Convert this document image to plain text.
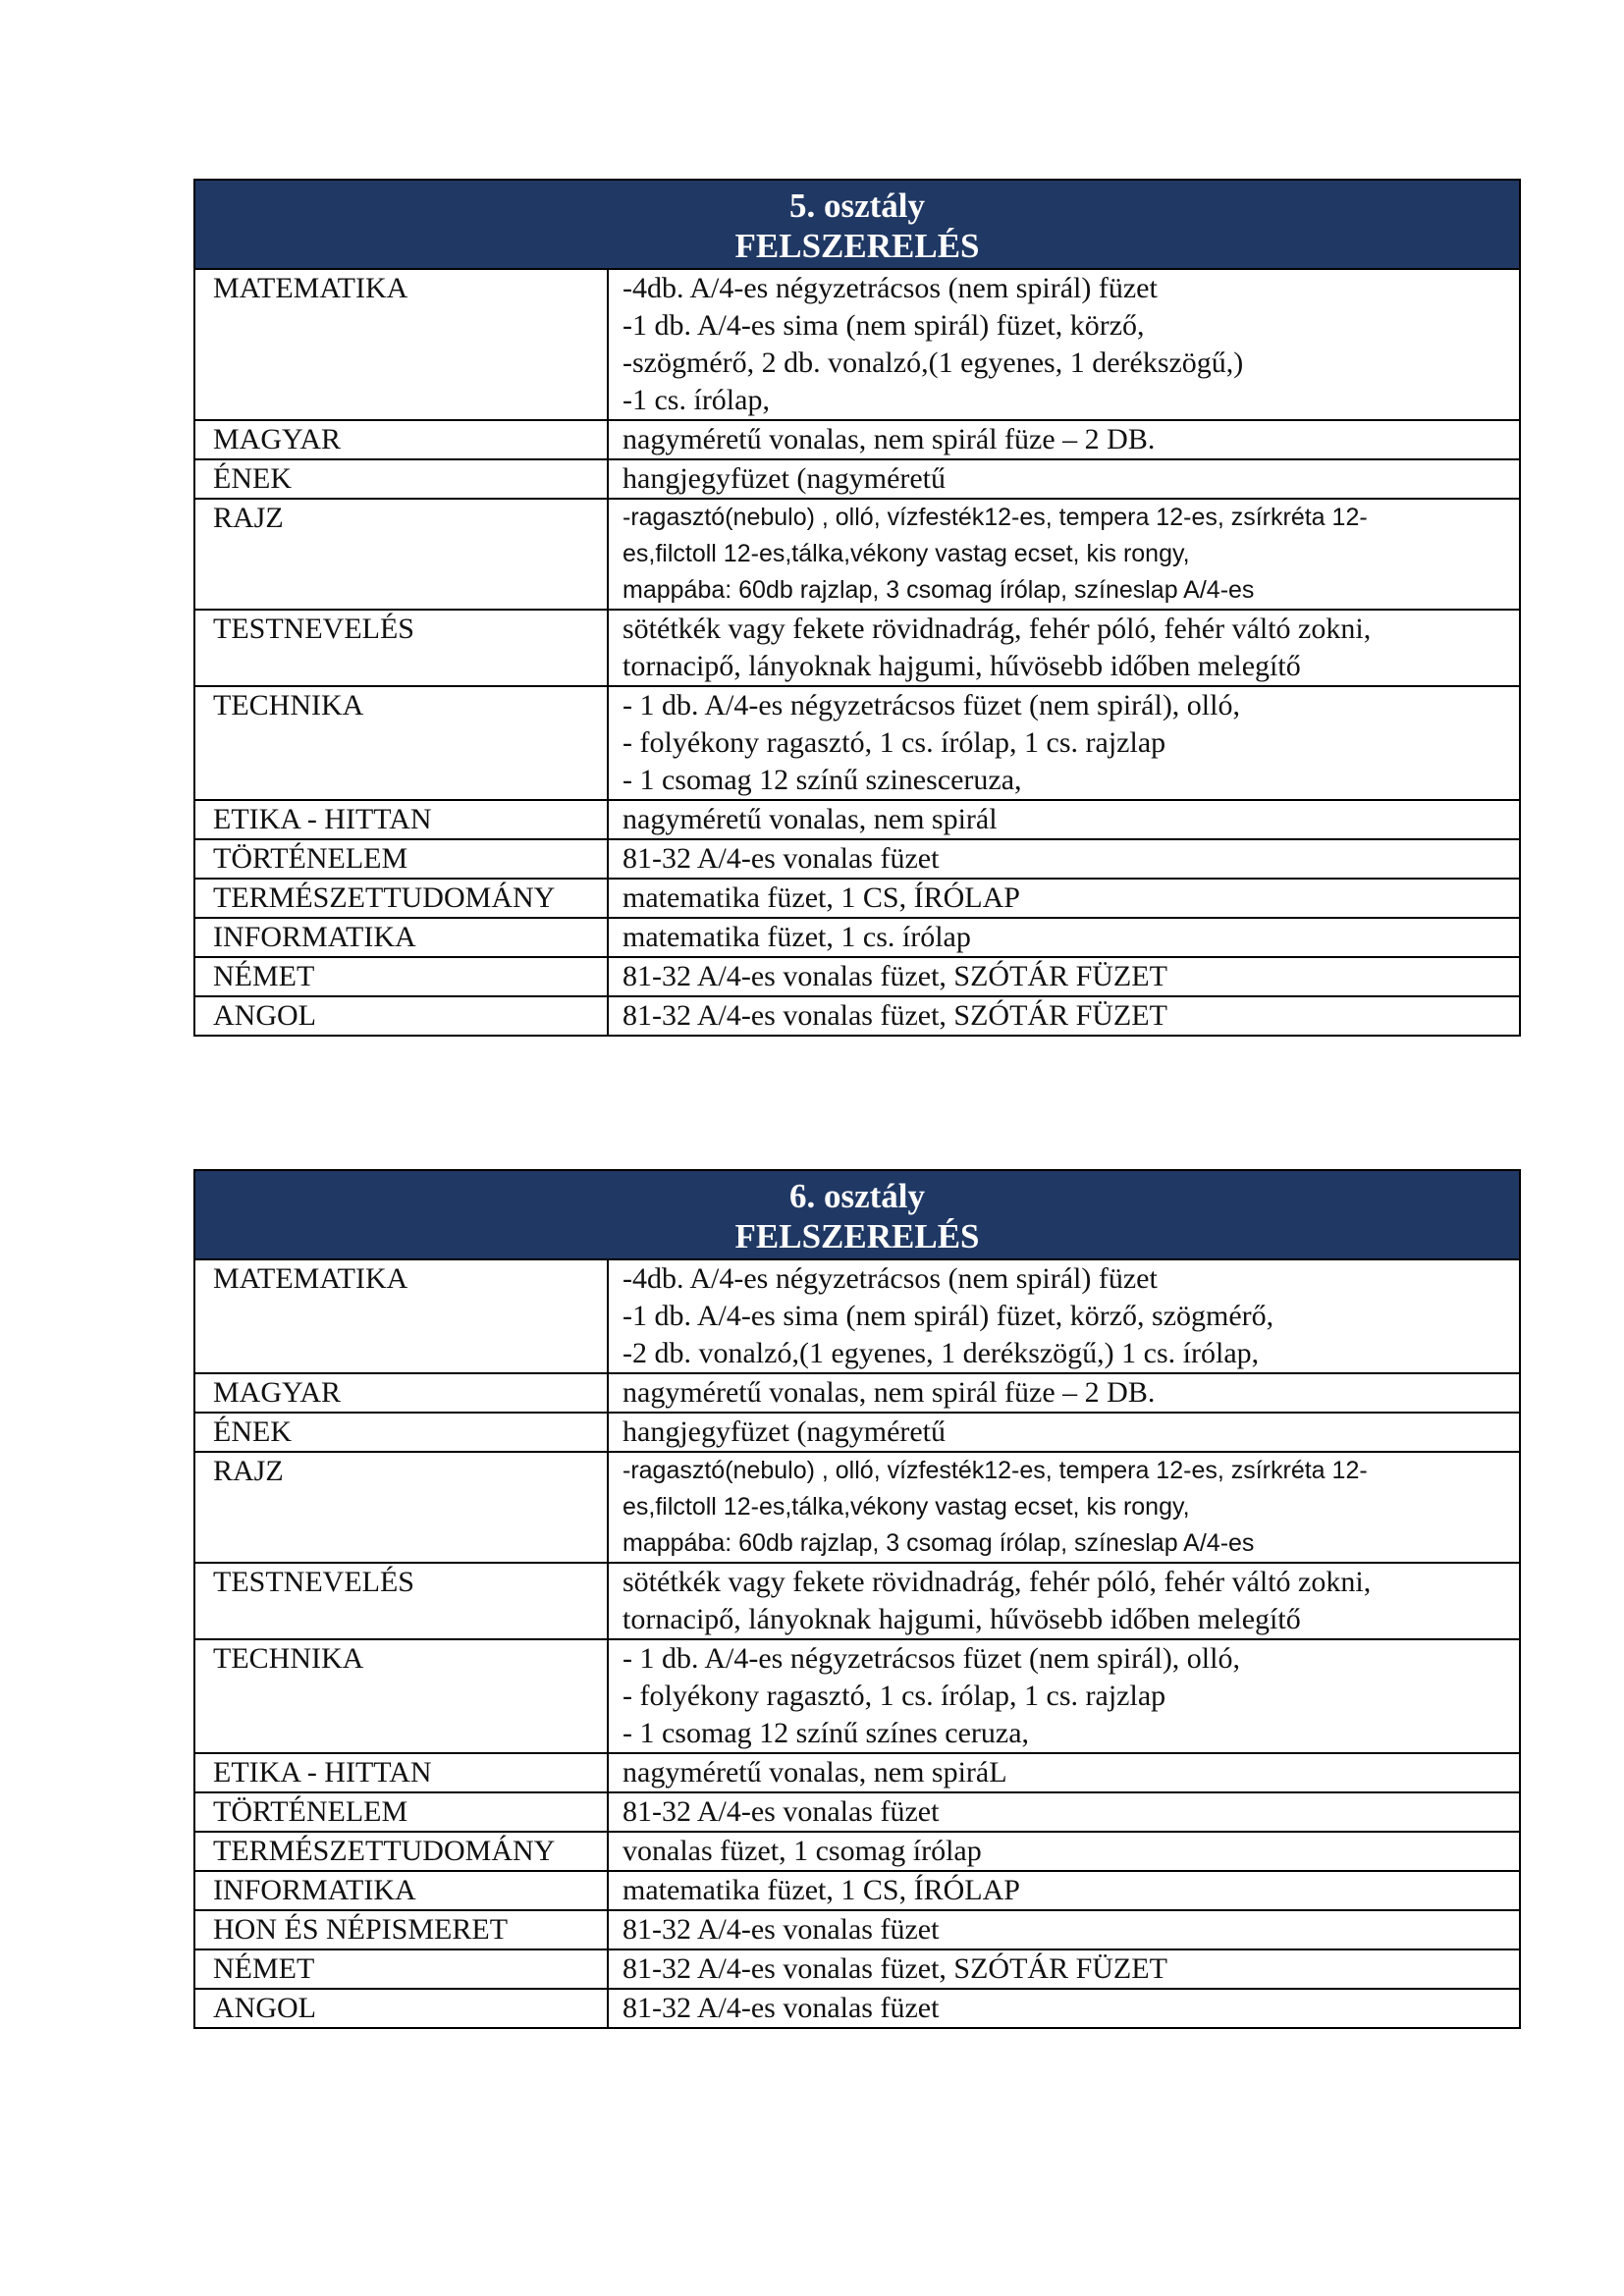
5. osztály
FELSZERELÉS	

MATEMATIKA	-4db. A/4-es négyzetrácsos (nem spirál) füzet
-1 db. A/4-es sima (nem spirál) füzet, körző,
-szögmérő, 2 db. vonalzó,(1 egyenes, 1 derékszögű,)
-1 cs. írólap,

MAGYAR	nagyméretű vonalas, nem spirál füze – 2 DB.

ÉNEK	hangjegyfüzet (nagyméretű

RAJZ	-ragasztó(nebulo) , olló, vízfesték12-es, tempera 12-es, zsírkréta 12-
es,filctoll 12-es,tálka,vékony vastag ecset, kis rongy,
mappába: 60db rajzlap, 3 csomag írólap, színeslap A/4-es

TESTNEVELÉS	sötétkék vagy fekete rövidnadrág, fehér póló, fehér váltó zokni,
tornacipő, lányoknak hajgumi, hűvösebb időben melegítő

TECHNIKA	- 1 db. A/4-es négyzetrácsos füzet (nem spirál), olló,
- folyékony ragasztó, 1 cs. írólap, 1 cs. rajzlap
- 1 csomag 12 színű szinesceruza,

ETIKA - HITTAN	nagyméretű vonalas, nem spirál

TÖRTÉNELEM	81-32 A/4-es vonalas füzet

TERMÉSZETTUDOMÁNY	matematika füzet, 1 CS, ÍRÓLAP

INFORMATIKA	matematika füzet, 1 cs. írólap

NÉMET	81-32 A/4-es vonalas füzet, SZÓTÁR FÜZET

ANGOL	81-32 A/4-es vonalas füzet, SZÓTÁR FÜZET
6. osztály
FELSZERELÉS	

MATEMATIKA	-4db. A/4-es négyzetrácsos (nem spirál) füzet
-1 db. A/4-es sima (nem spirál) füzet, körző, szögmérő,
-2 db. vonalzó,(1 egyenes, 1 derékszögű,) 1 cs. írólap,

MAGYAR	nagyméretű vonalas, nem spirál füze – 2 DB.

ÉNEK	hangjegyfüzet (nagyméretű

RAJZ	-ragasztó(nebulo) , olló, vízfesték12-es, tempera 12-es, zsírkréta 12-
es,filctoll 12-es,tálka,vékony vastag ecset, kis rongy,
mappába: 60db rajzlap, 3 csomag írólap, színeslap A/4-es

TESTNEVELÉS	sötétkék vagy fekete rövidnadrág, fehér póló, fehér váltó zokni,
tornacipő, lányoknak hajgumi, hűvösebb időben melegítő

TECHNIKA	- 1 db. A/4-es négyzetrácsos füzet (nem spirál), olló,
- folyékony ragasztó, 1 cs. írólap, 1 cs. rajzlap
- 1 csomag 12 színű színes ceruza,

ETIKA - HITTAN	nagyméretű vonalas, nem spiráL

TÖRTÉNELEM	81-32 A/4-es vonalas füzet

TERMÉSZETTUDOMÁNY	vonalas füzet, 1 csomag írólap

INFORMATIKA	matematika füzet, 1 CS, ÍRÓLAP

HON ÉS NÉPISMERET	81-32 A/4-es vonalas füzet

NÉMET	81-32 A/4-es vonalas füzet, SZÓTÁR FÜZET

ANGOL	81-32 A/4-es vonalas füzet
